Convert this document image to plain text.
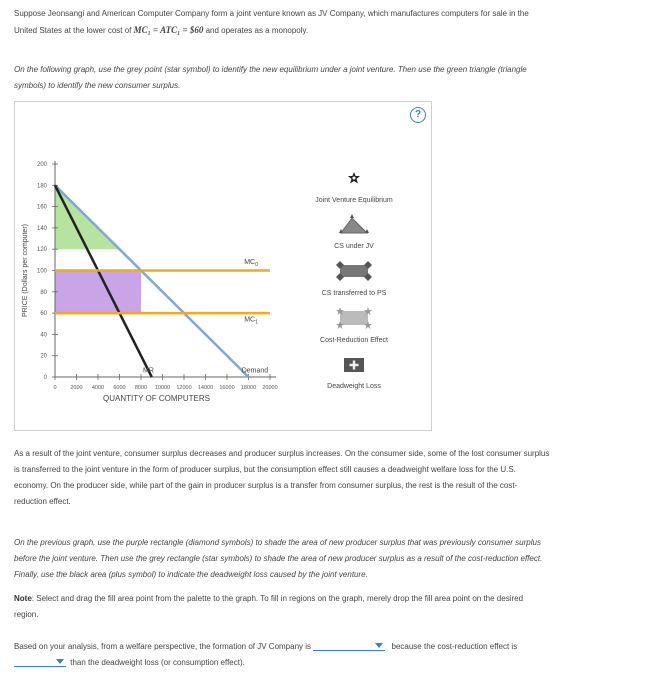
Suppose Jeonsangi and American Computer Company form a joint venture known as JV Company, which manufactures computers for sale in the
United States at the lower cost of MC₁ = ATC₁ = $60 and operates as a monopoly.
On the following graph, use the grey point (star symbol) to identify the new equilibrium under a joint venture. Then use the green triangle (triangle
symbols) to identify the new consumer surplus.
?
0
20
40
60
80
100
120
140
160
180
200
0	2000 4000 6000 8000 10000 12000 14000 16000 18000 20000
QUANTITY OF COMPUTERS
PRICE (Dollars per computer)
MR	Demand
$MC_0$
$MC_1$
Joint Venture Equilibrium
CS under JV
CS transferred to PS
Cost-Reduction Effect
Deadweight Loss
As a result of the joint venture, consumer surplus decreases and producer surplus increases. On the consumer side, some of the lost consumer surplus
is transferred to the joint venture in the form of producer surplus, but the consumption effect still causes a deadweight welfare loss for the U.S.
economy. On the producer side, while part of the gain in producer surplus is a transfer from consumer surplus, the rest is the result of the cost-
reduction effect.
On the previous graph, use the purple rectangle (diamond symbols) to shade the area of new producer surplus that was previously consumer surplus
before the joint venture. Then use the grey rectangle (star symbols) to shade the area of new producer surplus as a result of the cost-reduction effect.
Finally, use the black area (plus symbol) to indicate the deadweight loss caused by the joint venture.
Note: Select and drag the fill area point from the palette to the graph. To fill in regions on the graph, merely drop the fill area point on the desired
region.
Based on your analysis, from a welfare perspective, the formation of JV Company is	because the cost-reduction effect is
than the deadweight loss (or consumption effect).
